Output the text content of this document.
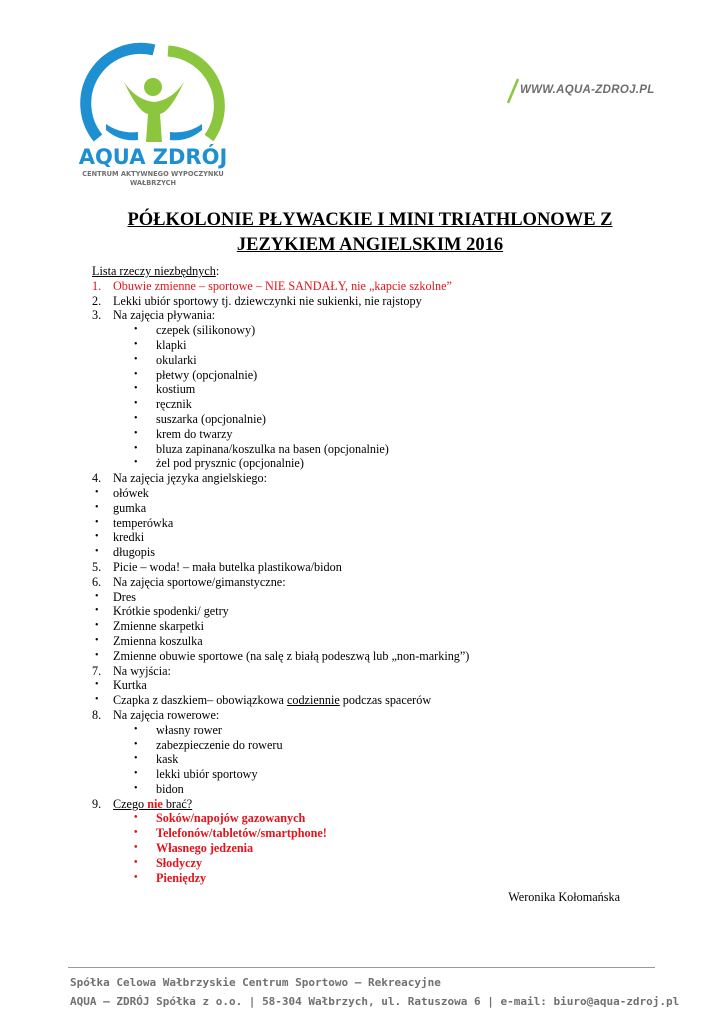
AQUA ZDRÓJ
CENTRUM AKTYWNEGO WYPOCZYNKU
WAŁBRZYCH
WWW.AQUA-ZDROJ.PL
PÓŁKOLONIE PŁYWACKIE I MINI TRIATHLONOWE Z
JEZYKIEM ANGIELSKIM 2016
Lista rzeczy niezbędnych:
1. Obuwie zmienne – sportowe – NIE SANDAŁY, nie „kapcie szkolne”
2. Lekki ubiór sportowy tj. dziewczynki nie sukienki, nie rajstopy
3. Na zajęcia pływania:
• czepek (silikonowy)
• klapki
• okularki
• płetwy (opcjonalnie)
• kostium
• ręcznik
• suszarka (opcjonalnie)
• krem do twarzy
• bluza zapinana/koszulka na basen (opcjonalnie)
• żel pod prysznic (opcjonalnie)
4. Na zajęcia języka angielskiego:
• ołówek
• gumka
• temperówka
• kredki
• długopis
5. Picie – woda! – mała butelka plastikowa/bidon
6. Na zajęcia sportowe/gimanstyczne:
• Dres
• Krótkie spodenki/ getry
• Zmienne skarpetki
• Zmienna koszulka
• Zmienne obuwie sportowe (na salę z białą podeszwą lub „non-marking”)
7. Na wyjścia:
• Kurtka
• Czapka z daszkiem– obowiązkowa codziennie podczas spacerów
8. Na zajęcia rowerowe:
• własny rower
• zabezpieczenie do roweru
• kask
• lekki ubiór sportowy
• bidon
9. Czego nie brać?
• Soków/napojów gazowanych
• Telefonów/tabletów/smartphone!
• Własnego jedzenia
• Słodyczy
• Pieniędzy
Weronika Kołomańska
Spółka Celowa Wałbrzyskie Centrum Sportowo – Rekreacyjne
AQUA – ZDRÓJ Spółka z o.o. | 58-304 Wałbrzych, ul. Ratuszowa 6 | e-mail: biuro@aqua-zdroj.pl
